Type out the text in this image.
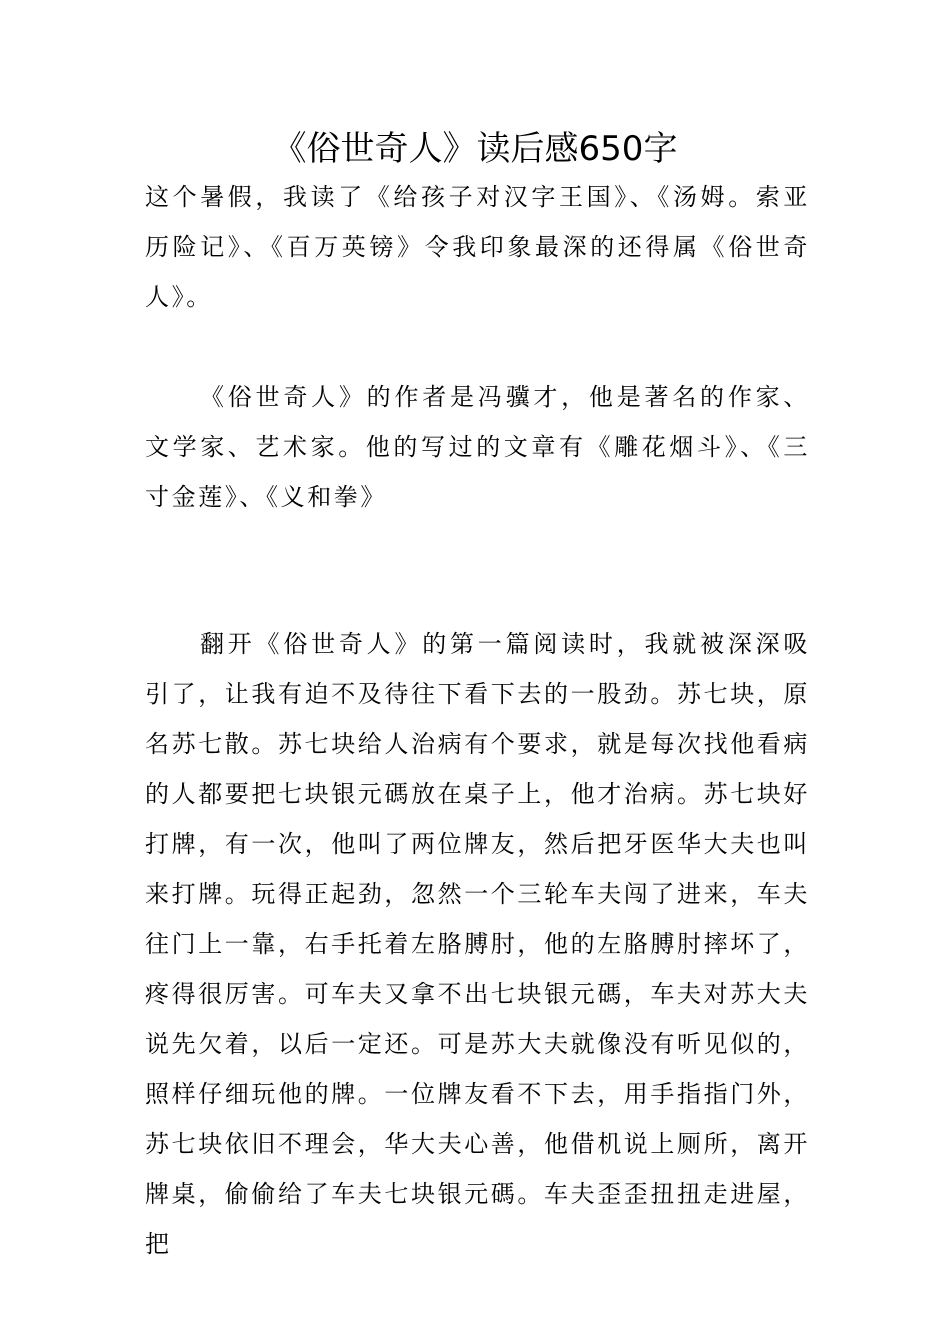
《俗世奇人》读后感650字

这个暑假，我读了《给孩子对汉字王国》、《汤姆。索亚历险记》、《百万英镑》令我印象最深的还得属《俗世奇人》。

《俗世奇人》的作者是冯骥才，他是著名的作家、文学家、艺术家。他的写过的文章有《雕花烟斗》、《三寸金莲》、《义和拳》

翻开《俗世奇人》的第一篇阅读时，我就被深深吸引了，让我有迫不及待往下看下去的一股劲。苏七块，原名苏七散。苏七块给人治病有个要求，就是每次找他看病的人都要把七块银元碼放在桌子上，他才治病。苏七块好打牌，有一次，他叫了两位牌友，然后把牙医华大夫也叫来打牌。玩得正起劲，忽然一个三轮车夫闯了进来，车夫往门上一靠，右手托着左胳膊肘，他的左胳膊肘摔坏了，疼得很厉害。可车夫又拿不出七块银元碼，车夫对苏大夫说先欠着，以后一定还。可是苏大夫就像没有听见似的，照样仔细玩他的牌。一位牌友看不下去，用手指指门外，苏七块依旧不理会，华大夫心善，他借机说上厕所，离开牌桌，偷偷给了车夫七块银元碼。车夫歪歪扭扭走进屋，把
